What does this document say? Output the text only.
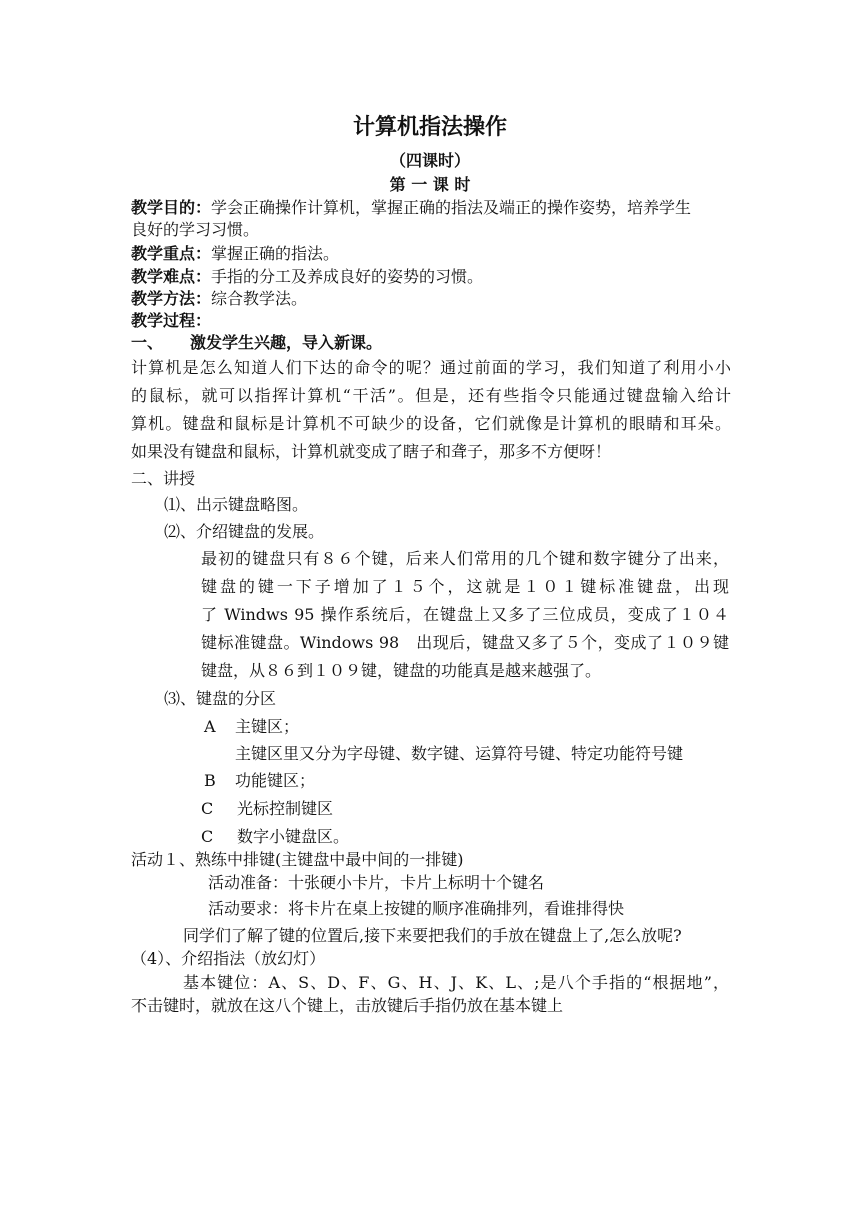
计算机指法操作
（四课时）
第 一 课 时
教学目的：学会正确操作计算机，掌握正确的指法及端正的操作姿势，培养学生
良好的学习习惯。
教学重点：掌握正确的指法。
教学难点：手指的分工及养成良好的姿势的习惯。
教学方法：综合教学法。
教学过程：
一、 激发学生兴趣，导入新课。
计算机是怎么知道人们下达的命令的呢？通过前面的学习，我们知道了利用小小
的鼠标，就可以指挥计算机“干活”。但是，还有些指令只能通过键盘输入给计
算机。键盘和鼠标是计算机不可缺少的设备，它们就像是计算机的眼睛和耳朵。
如果没有键盘和鼠标，计算机就变成了瞎子和聋子，那多不方便呀！
二、讲授
⑴、出示键盘略图。
⑵、介绍键盘的发展。
最初的键盘只有８６个键，后来人们常用的几个键和数字键分了出来，
键盘的键一下子增加了１５个，这就是１０１键标准键盘，出现
了 Windws 95 操作系统后，在键盘上又多了三位成员，变成了１０４
键标准键盘。Windows 98　出现后，键盘又多了５个，变成了１０９键
键盘，从８６到１０９键，键盘的功能真是越来越强了。
⑶、键盘的分区
A 主键区；
主键区里又分为字母键、数字键、运算符号键、特定功能符号键
B 功能键区；
C 光标控制键区
C 数字小键盘区。
活动１、熟练中排键(主键盘中最中间的一排键)
活动准备：十张硬小卡片，卡片上标明十个键名
活动要求：将卡片在桌上按键的顺序准确排列，看谁排得快
同学们了解了键的位置后,接下来要把我们的手放在键盘上了,怎么放呢?
（4）、介绍指法（放幻灯）
基本键位：A、S、D、F、G、H、J、K、L、;是八个手指的“根据地”，
不击键时，就放在这八个键上，击放键后手指仍放在基本键上
